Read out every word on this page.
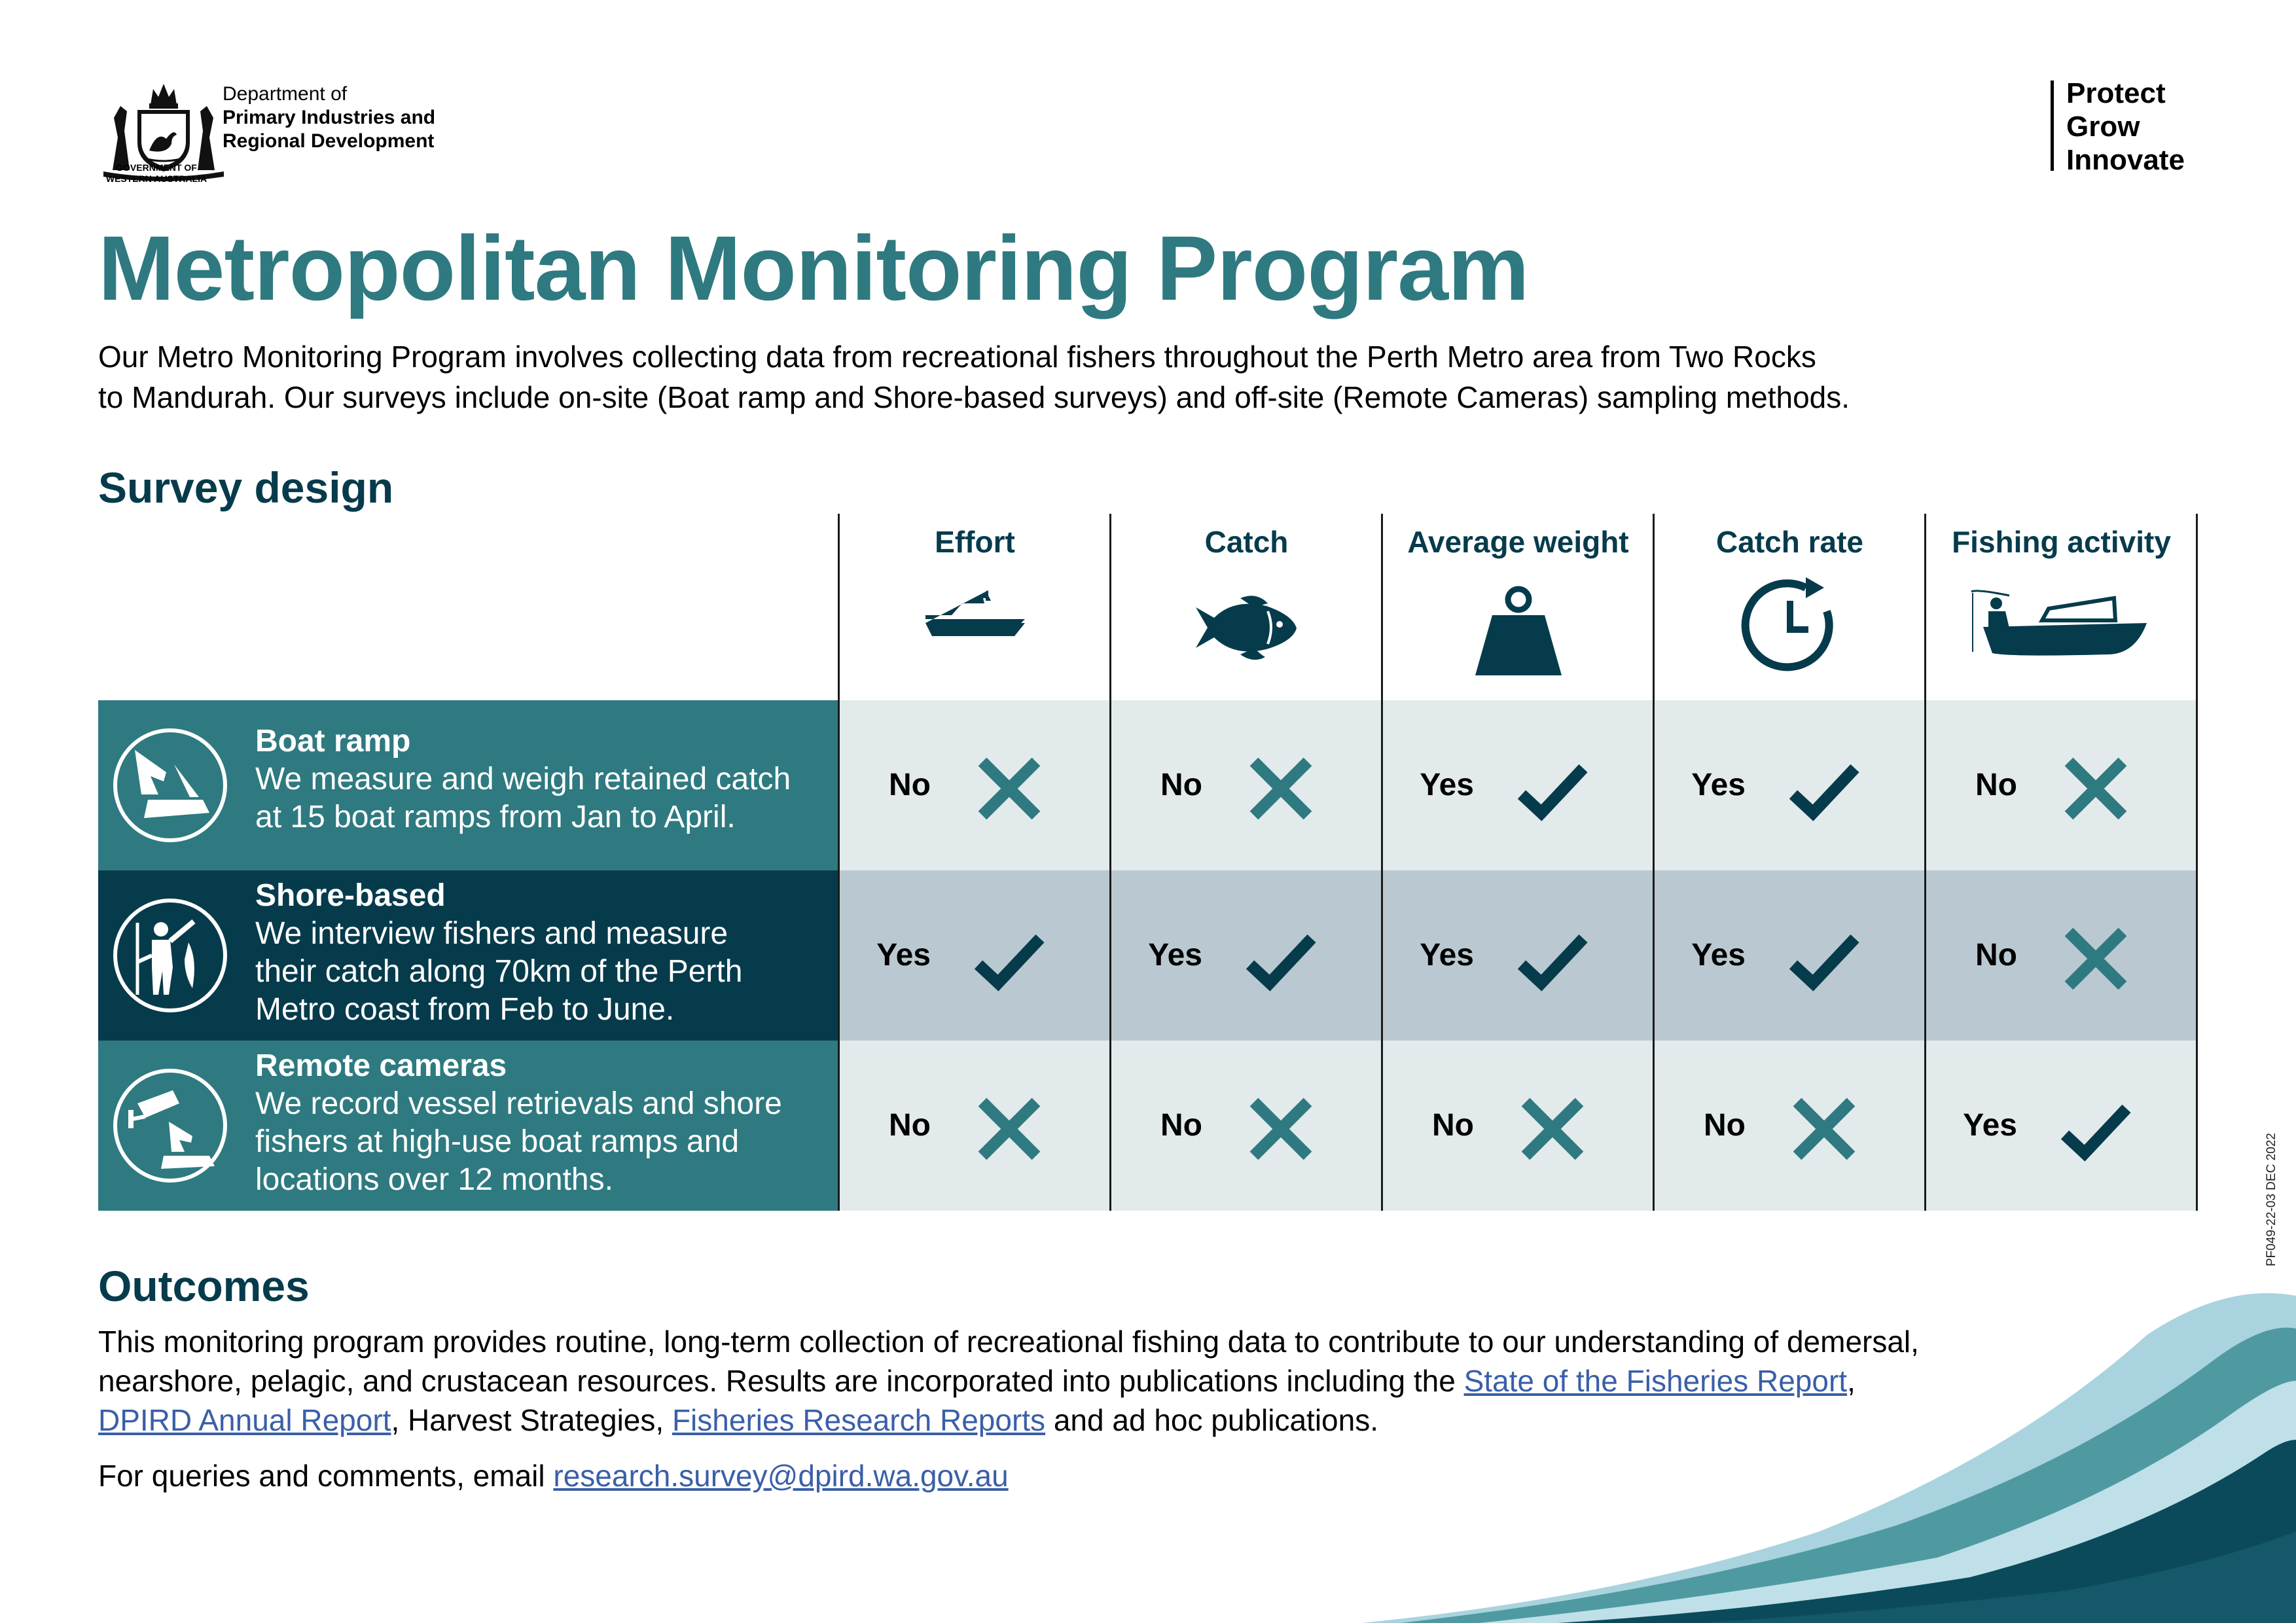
Department of
Primary Industries and
Regional Development
GOVERNMENT OF
WESTERN AUSTRALIA
Protect
Grow
Innovate
Metropolitan Monitoring Program
Our Metro Monitoring Program involves collecting data from recreational fishers throughout the Perth Metro area from Two Rocks
to Mandurah. Our surveys include on-site (Boat ramp and Shore-based surveys) and off-site (Remote Cameras) sampling methods.
Survey design
Effort	Catch	Average weight	Catch rate	Fishing activity
Boat ramp
We measure and weigh retained catch
at 15 boat ramps from Jan to April.
No	No	Yes	Yes	No
Shore-based
We interview fishers and measure
their catch along 70km of the Perth
Metro coast from Feb to June.
Yes	Yes	Yes	Yes	No
Remote cameras
We record vessel retrievals and shore
fishers at high-use boat ramps and
locations over 12 months.
No	No	No	No	Yes
Outcomes
This monitoring program provides routine, long-term collection of recreational fishing data to contribute to our understanding of demersal,
nearshore, pelagic, and crustacean resources. Results are incorporated into publications including the State of the Fisheries Report,
DPIRD Annual Report, Harvest Strategies, Fisheries Research Reports and ad hoc publications.
For queries and comments, email research.survey@dpird.wa.gov.au
PF049-22-03 DEC 2022
